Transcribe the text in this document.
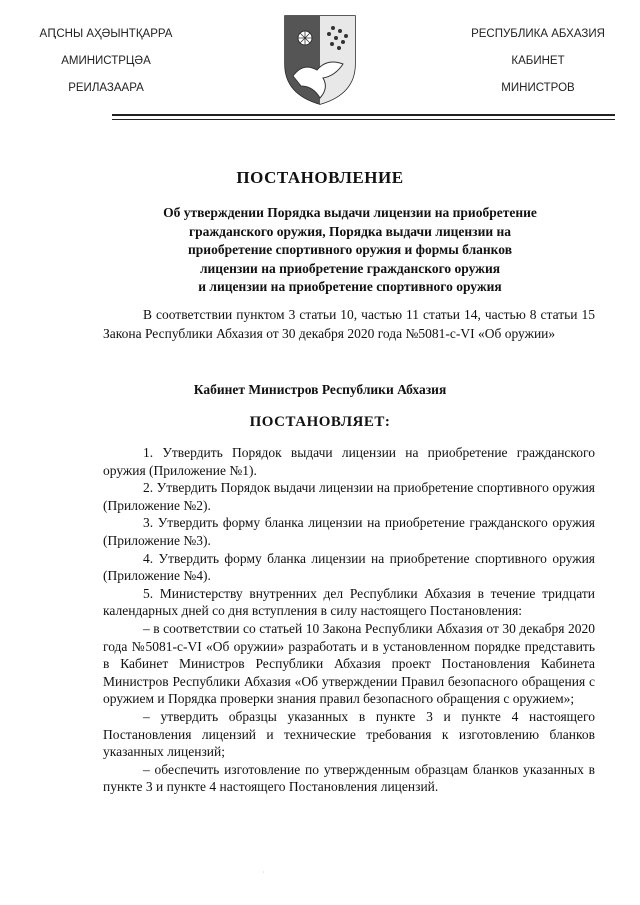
АԤСНЫ АҲӘЫНТҚАРРА
АМИНИСТРЦӘА
РЕИЛАЗААРА
РЕСПУБЛИКА АБХАЗИЯ
КАБИНЕТ
МИНИСТРОВ
ПОСТАНОВЛЕНИЕ
Об утверждении Порядка выдачи лицензии на приобретение
гражданского оружия, Порядка выдачи лицензии на
приобретение спортивного оружия и формы бланков
лицензии на приобретение гражданского оружия
и лицензии на приобретение спортивного оружия

В соответствии пунктом 3 статьи 10, частью 11 статьи 14, частью 8 статьи 15 Закона Республики Абхазия от 30 декабря 2020 года №5081-с-VI «Об оружии»

Кабинет Министров Республики Абхазия
ПОСТАНОВЛЯЕТ:

1. Утвердить Порядок выдачи лицензии на приобретение гражданского оружия (Приложение №1).

2. Утвердить Порядок выдачи лицензии на приобретение спортивного оружия (Приложение №2).

3. Утвердить форму бланка лицензии на приобретение гражданского оружия (Приложение №3).

4. Утвердить форму бланка лицензии на приобретение спортивного оружия (Приложение №4).

5. Министерству внутренних дел Республики Абхазия в течение тридцати календарных дней со дня вступления в силу настоящего Постановления:

– в соответствии со статьей 10 Закона Республики Абхазия от 30 декабря 2020 года №5081-с-VI «Об оружии» разработать и в установленном порядке представить в Кабинет Министров Республики Абхазия проект Постановления Кабинета Министров Республики Абхазия «Об утверждении Правил безопасного обращения с оружием и Порядка проверки знания правил безопасного обращения с оружием»;

– утвердить образцы указанных в пункте 3 и пункте 4 настоящего Постановления лицензий и технические требования к изготовлению бланков указанных лицензий;

– обеспечить изготовление по утвержденным образцам бланков указанных в пункте 3 и пункте 4 настоящего Постановления лицензий.

·
